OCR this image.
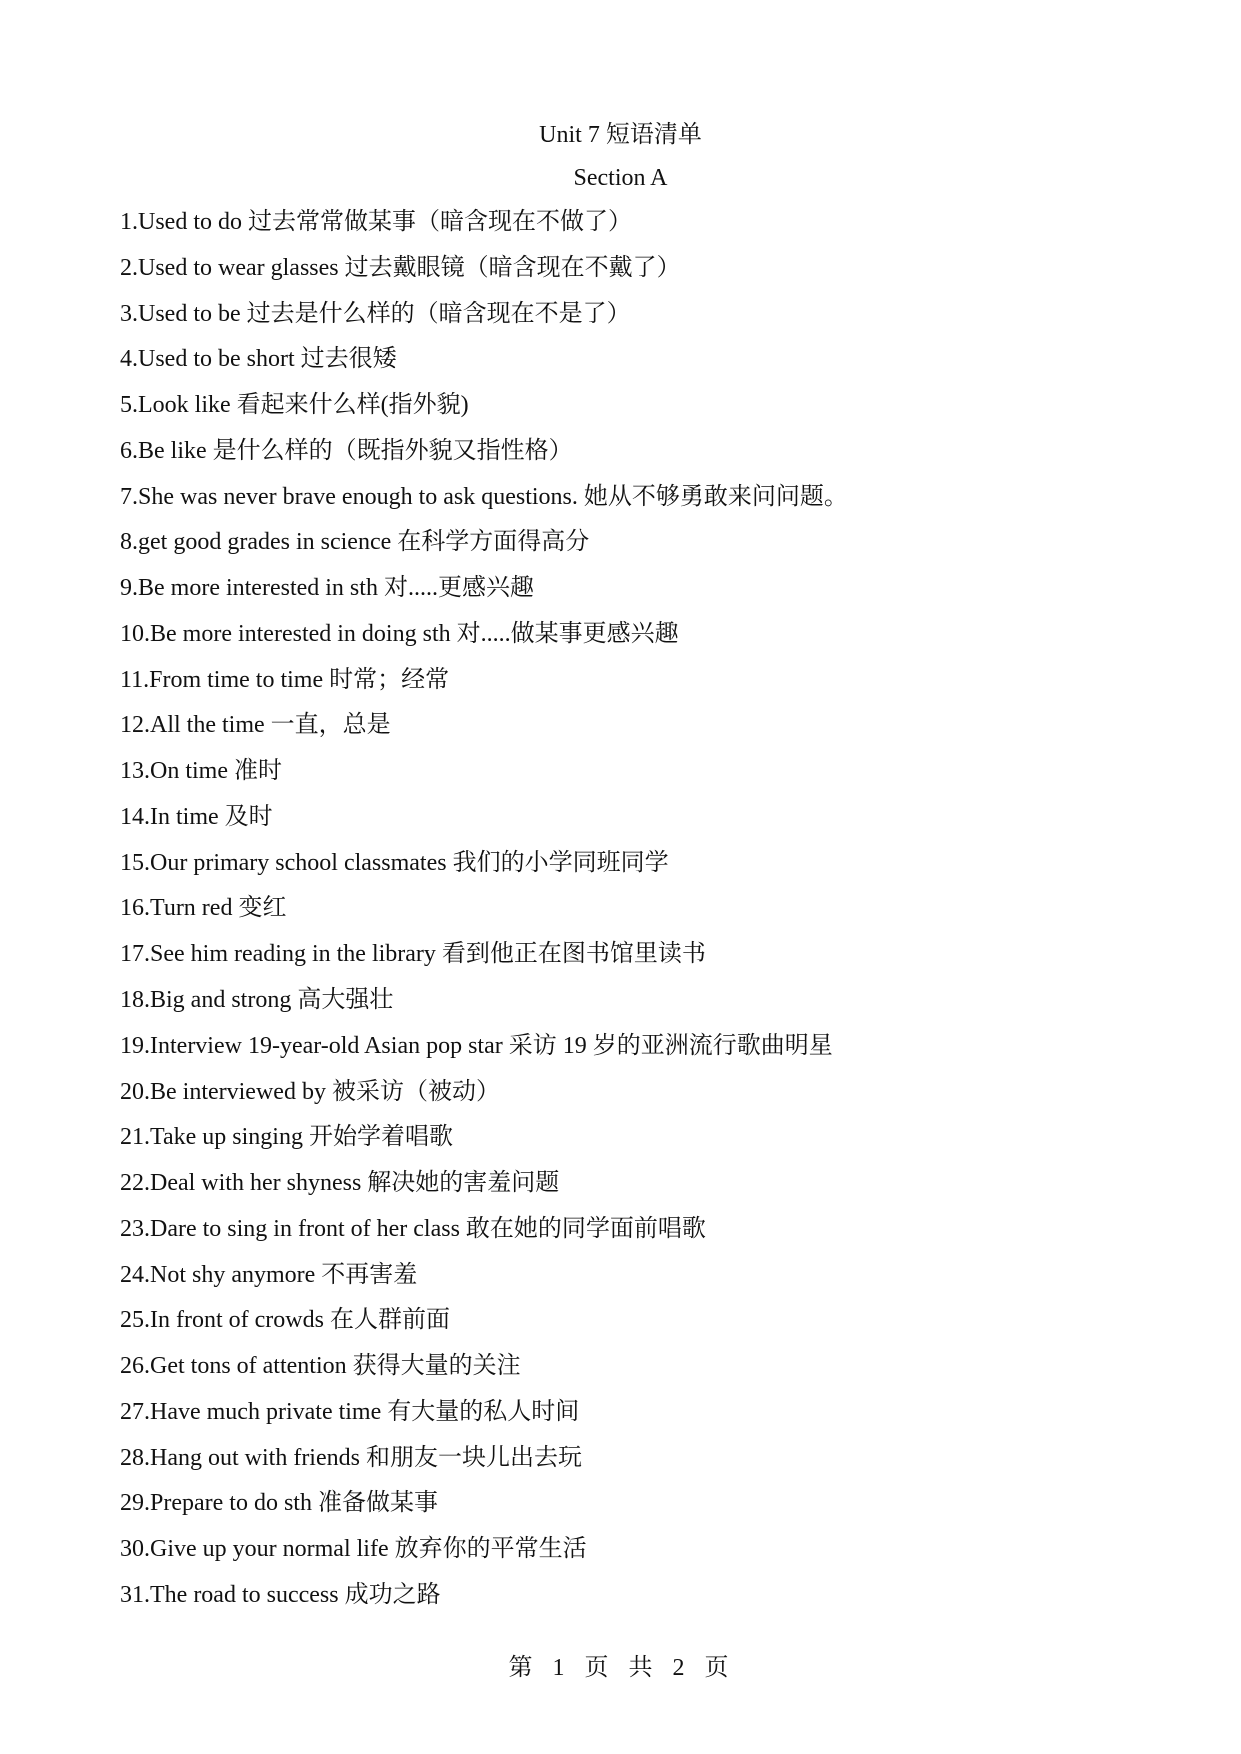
Unit 7 短语清单
Section A
1.Used to do 过去常常做某事（暗含现在不做了）
2.Used to wear glasses 过去戴眼镜（暗含现在不戴了）
3.Used to be 过去是什么样的（暗含现在不是了）
4.Used to be short 过去很矮
5.Look like 看起来什么样(指外貌)
6.Be like 是什么样的（既指外貌又指性格）
7.She was never brave enough to ask questions. 她从不够勇敢来问问题。
8.get good grades in science 在科学方面得高分
9.Be more interested in sth 对.....更感兴趣
10.Be more interested in doing sth 对.....做某事更感兴趣
11.From time to time 时常；经常
12.All the time 一直，总是
13.On time 准时
14.In time 及时
15.Our primary school classmates 我们的小学同班同学
16.Turn red 变红
17.See him reading in the library 看到他正在图书馆里读书
18.Big and strong 高大强壮
19.Interview 19-year-old Asian pop star 采访 19 岁的亚洲流行歌曲明星
20.Be interviewed by 被采访（被动）
21.Take up singing 开始学着唱歌
22.Deal with her shyness 解决她的害羞问题
23.Dare to sing in front of her class 敢在她的同学面前唱歌
24.Not shy anymore 不再害羞
25.In front of crowds 在人群前面
26.Get tons of attention 获得大量的关注
27.Have much private time 有大量的私人时间
28.Hang out with friends 和朋友一块儿出去玩
29.Prepare to do sth 准备做某事
30.Give up your normal life 放弃你的平常生活
31.The road to success 成功之路
第 1 页 共 2 页
